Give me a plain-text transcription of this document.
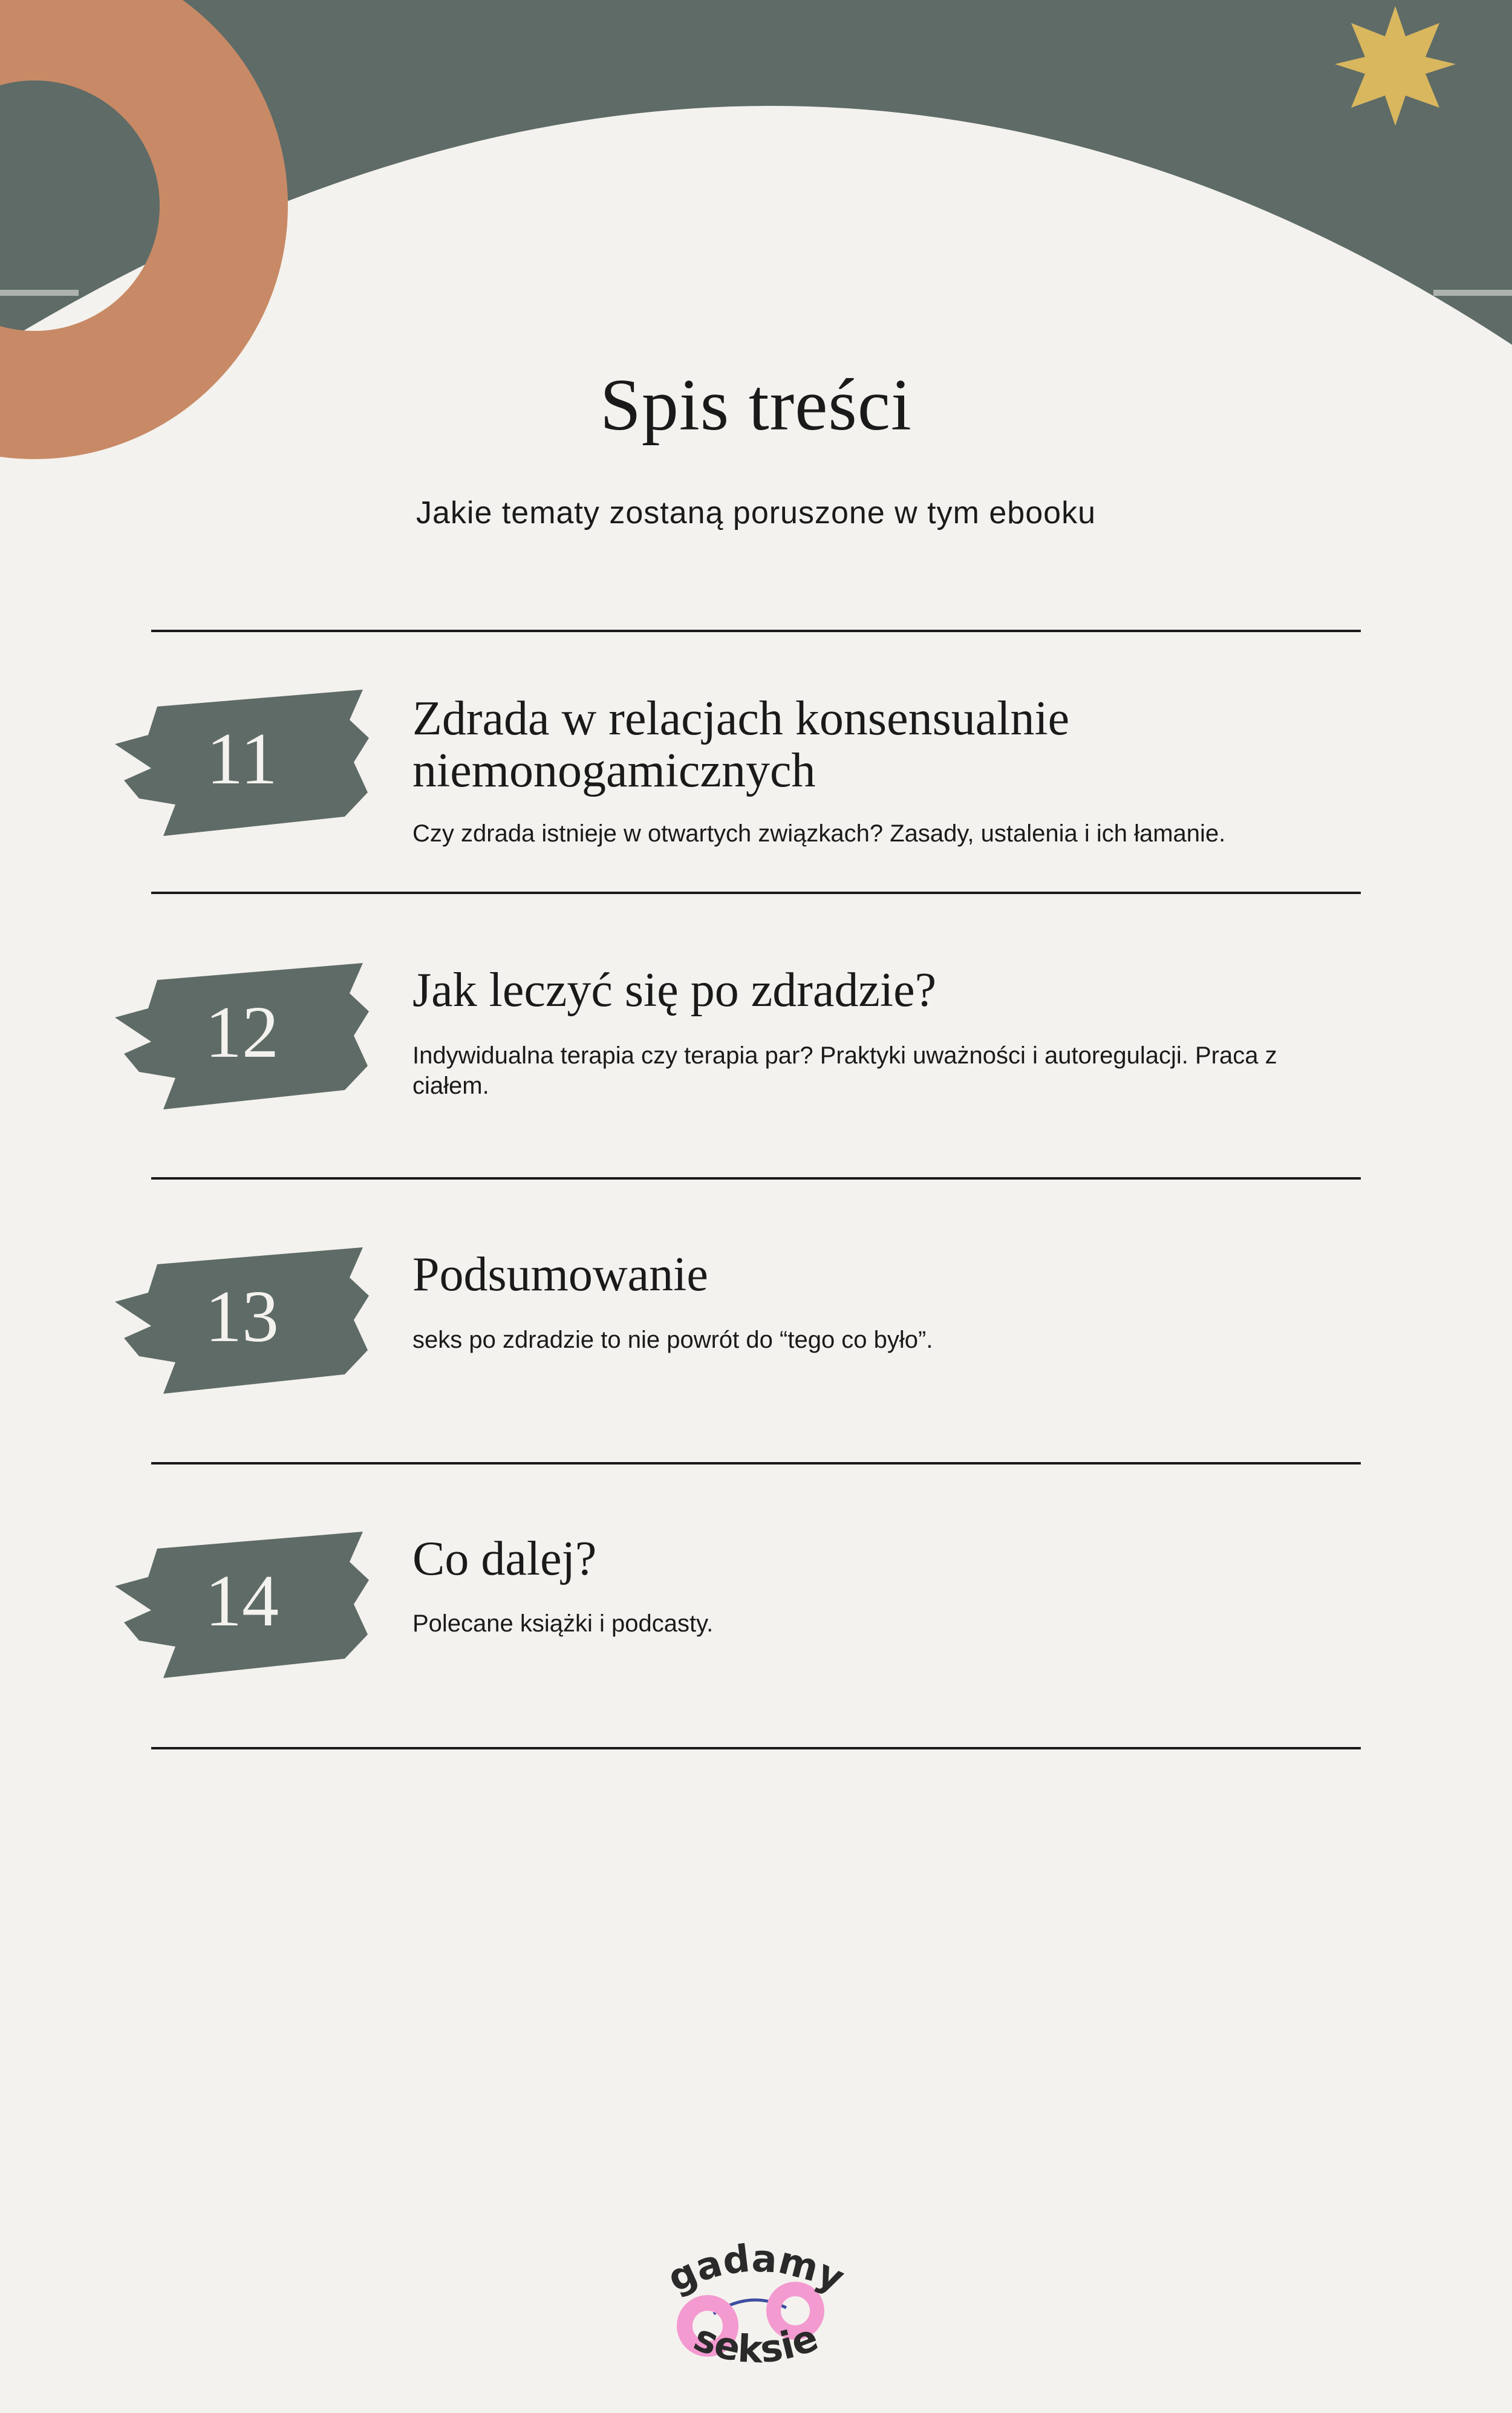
Spis treści

Jakie tematy zostaną poruszone w tym ebooku

11	Zdrada w relacjach konsensualnie niemonogamicznych

Czy zdrada istnieje w otwartych związkach? Zasady, ustalenia i ich łamanie.

12
Jak leczyć się po zdradzie?

Indywidualna terapia czy terapia par? Praktyki uważności i autoregulacji. Praca z ciałem.

13
Podsumowanie

seks po zdradzie to nie powrót do “tego co było”.

14
Co dalej?

Polecane książki i podcasty.

gadamy
seksie
